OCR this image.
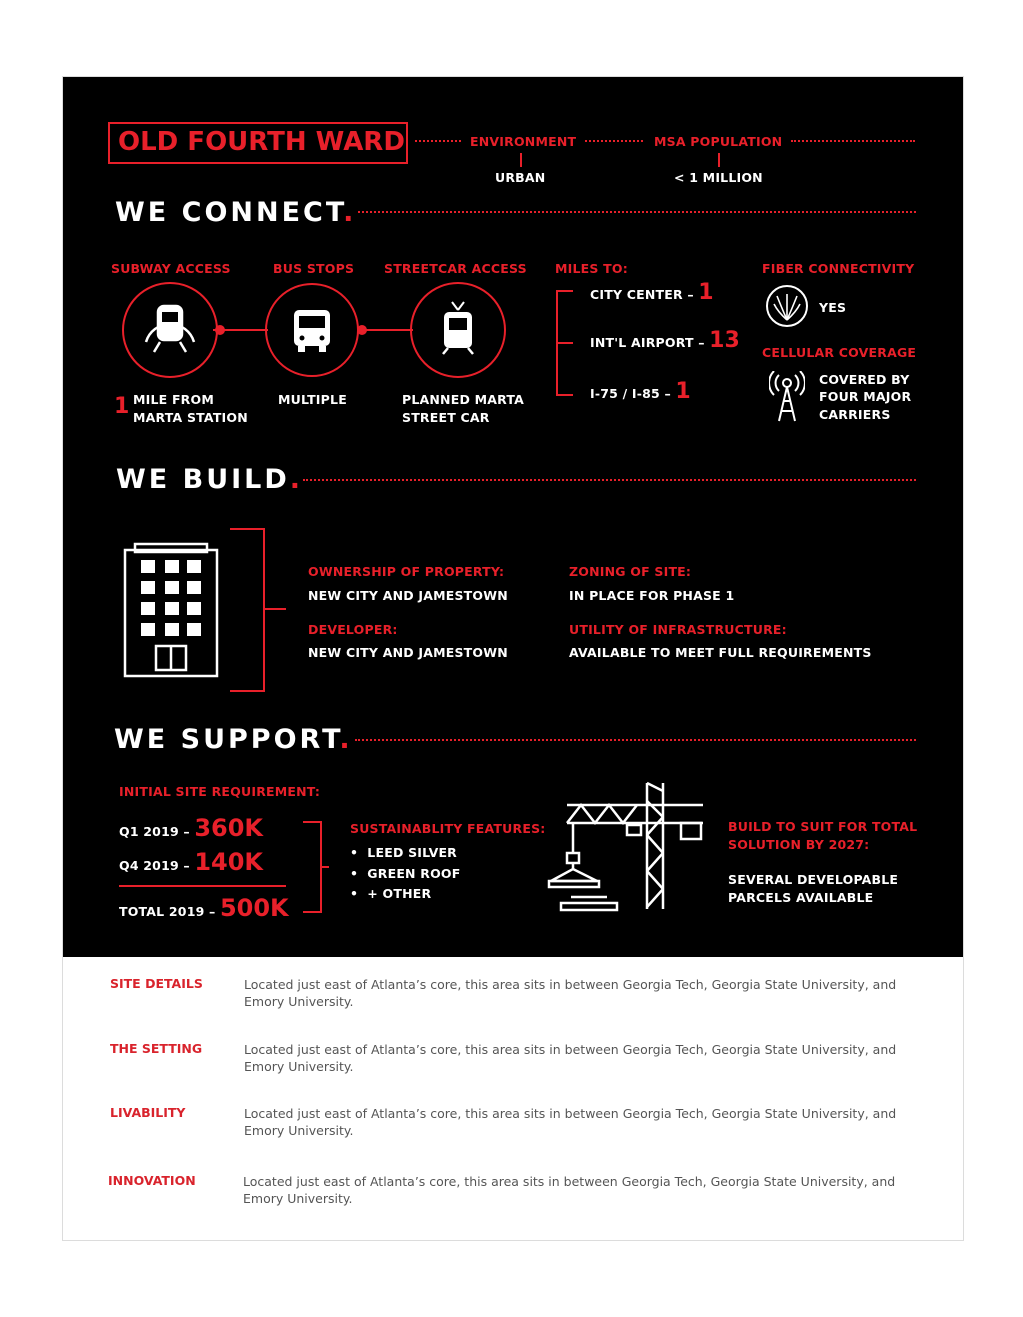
OLD FOURTH WARD	ENVIRONMENT	MSA POPULATION
URBAN	< 1 MILLION
WE CONNECT.
SUBWAY ACCESS	BUS STOPS STREETCAR ACCESS
1 MILE FROM
MARTA STATION
MULTIPLE	PLANNED MARTA
STREET CAR
MILES TO:
CITY CENTER – 1
INT'L AIRPORT – 13
I-75 / I-85 – 1
FIBER CONNECTIVITY
YES
CELLULAR COVERAGE
COVERED BY
FOUR MAJOR
CARRIERS
WE BUILD.
OWNERSHIP OF PROPERTY:
NEW CITY AND JAMESTOWN
DEVELOPER:
NEW CITY AND JAMESTOWN
ZONING OF SITE:
IN PLACE FOR PHASE 1
UTILITY OF INFRASTRUCTURE:
AVAILABLE TO MEET FULL REQUIREMENTS
WE SUPPORT.
INITIAL SITE REQUIREMENT:
Q1 2019 – 360K
Q4 2019 – 140K
TOTAL 2019 – 500K
SUSTAINABLITY FEATURES:
•  LEED SILVER
•  GREEN ROOF
•  + OTHER
BUILD TO SUIT FOR TOTAL
SOLUTION BY 2027:
SEVERAL DEVELOPABLE
PARCELS AVAILABLE
SITE DETAILS	Located just east of Atlanta’s core, this area sits in between Georgia Tech, Georgia State University, and Emory University.
THE SETTING	Located just east of Atlanta’s core, this area sits in between Georgia Tech, Georgia State University, and Emory University.
LIVABILITY	Located just east of Atlanta’s core, this area sits in between Georgia Tech, Georgia State University, and Emory University.
INNOVATION	Located just east of Atlanta’s core, this area sits in between Georgia Tech, Georgia State University, and Emory University.
